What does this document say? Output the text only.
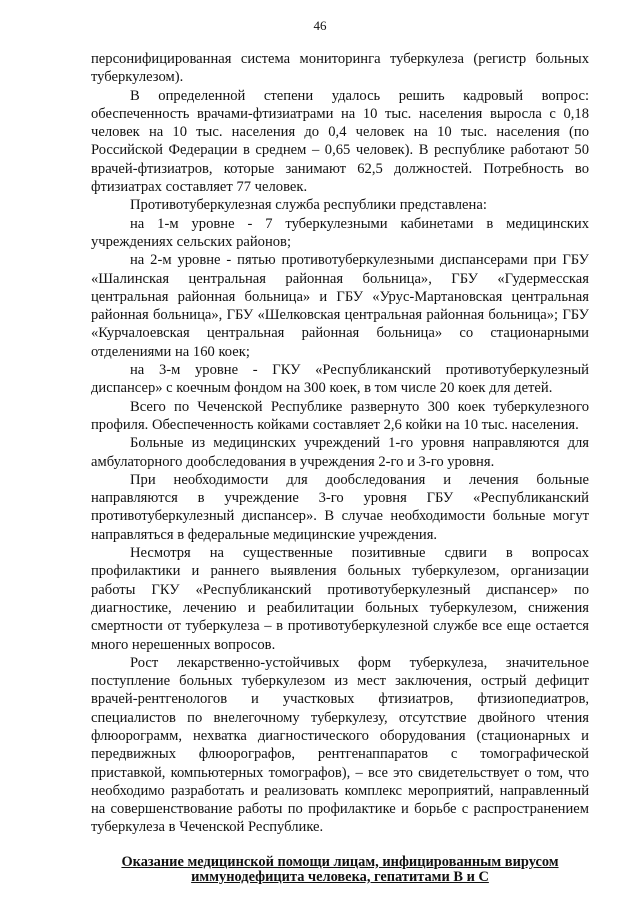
46

персонифицированная система мониторинга туберкулеза (регистр больных туберкулезом).

В определенной степени удалось решить кадровый вопрос: обеспеченность врачами-фтизиатрами на 10 тыс. населения выросла с 0,18 человек на 10 тыс. населения до 0,4 человек на 10 тыс. населения (по Российской Федерации в среднем – 0,65 человек). В республике работают 50 врачей-фтизиатров, которые занимают 62,5 должностей. Потребность во фтизиатрах составляет 77 человек.

Противотуберкулезная служба республики представлена:

на 1-м уровне - 7 туберкулезными кабинетами в медицинских учреждениях сельских районов;

на 2-м уровне - пятью противотуберкулезными диспансерами при ГБУ «Шалинская центральная районная больница», ГБУ «Гудермесская центральная районная больница» и ГБУ «Урус-Мартановская центральная районная больница», ГБУ «Шелковская центральная районная больница»; ГБУ «Курчалоевская центральная районная больница» со стационарными отделениями на 160 коек;

на 3-м уровне - ГКУ «Республиканский противотуберкулезный диспансер» с коечным фондом на 300 коек, в том числе 20 коек для детей.

Всего по Чеченской Республике развернуто 300 коек туберкулезного профиля. Обеспеченность койками составляет 2,6 койки на 10 тыс. населения.

Больные из медицинских учреждений 1-го уровня направляются для амбулаторного дообследования в учреждения 2-го и 3-го уровня.

При необходимости для дообследования и лечения больные направляются в учреждение 3-го уровня ГБУ «Республиканский противотуберкулезный диспансер». В случае необходимости больные могут направляться в федеральные медицинские учреждения.

Несмотря на существенные позитивные сдвиги в вопросах профилактики и раннего выявления больных туберкулезом, организации работы ГКУ «Республиканский противотуберкулезный диспансер» по диагностике, лечению и реабилитации больных туберкулезом, снижения смертности от туберкулеза – в противотуберкулезной службе все еще остается много нерешенных вопросов.

Рост лекарственно-устойчивых форм туберкулеза, значительное поступление больных туберкулезом из мест заключения, острый дефицит врачей-рентгенологов и участковых фтизиатров, фтизиопедиатров, специалистов по внелегочному туберкулезу, отсутствие двойного чтения флюорограмм, нехватка диагностического оборудования (стационарных и передвижных флюорографов, рентгенаппаратов с томографической приставкой, компьютерных томографов), – все это свидетельствует о том, что необходимо разработать и реализовать комплекс мероприятий, направленный на совершенствование работы по профилактике и борьбе с распространением туберкулеза в Чеченской Республике.

Оказание медицинской помощи лицам, инфицированным вирусом
иммунодефицита человека, гепатитами В и С
